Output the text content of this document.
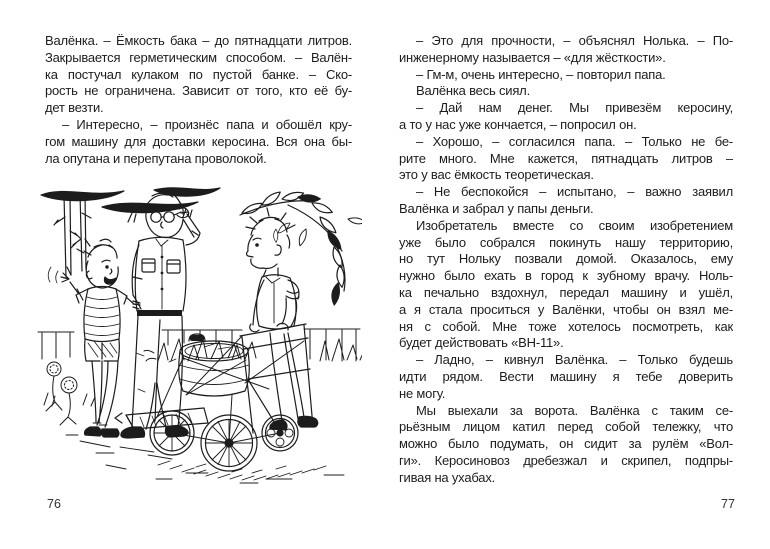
Валёнка. – Ёмкость бака – до пятнадцати литров.
Закрывается герметическим способом. – Валён-
ка постучал кулаком по пустой банке. – Ско-
рость не ограничена. Зависит от того, кто её бу-
дет везти.
– Интересно, – произнёс папа и обошёл кру-
гом машину для доставки керосина. Вся она бы-
ла опутана и перепутана проволокой.
– Это для прочности, – объяснял Нолька. – По-
инженерному называется – «для жёсткости».
– Гм-м, очень интересно, – повторил папа.
Валёнка весь сиял.
– Дай нам денег. Мы привезём керосину,
а то у нас уже кончается, – попросил он.
– Хорошо, – согласился папа. – Только не бе-
рите много. Мне кажется, пятнадцать литров –
это у вас ёмкость теоретическая.
– Не беспокойся – испытано, – важно заявил
Валёнка и забрал у папы деньги.
Изобретатель вместе со своим изобретением
уже было собрался покинуть нашу территорию,
но тут Нольку позвали домой. Оказалось, ему
нужно было ехать в город к зубному врачу. Ноль-
ка печально вздохнул, передал машину и ушёл,
а я стала проситься у Валёнки, чтобы он взял ме-
ня с собой. Мне тоже хотелось посмотреть, как
будет действовать «ВН-11».
– Ладно, – кивнул Валёнка. – Только будешь
идти рядом. Вести машину я тебе доверить
не могу.
Мы выехали за ворота. Валёнка с таким се-
рьёзным лицом катил перед собой тележку, что
можно было подумать, он сидит за рулём «Вол-
ги». Керосиновоз дребезжал и скрипел, подпры-
гивая на ухабах.
76	77
